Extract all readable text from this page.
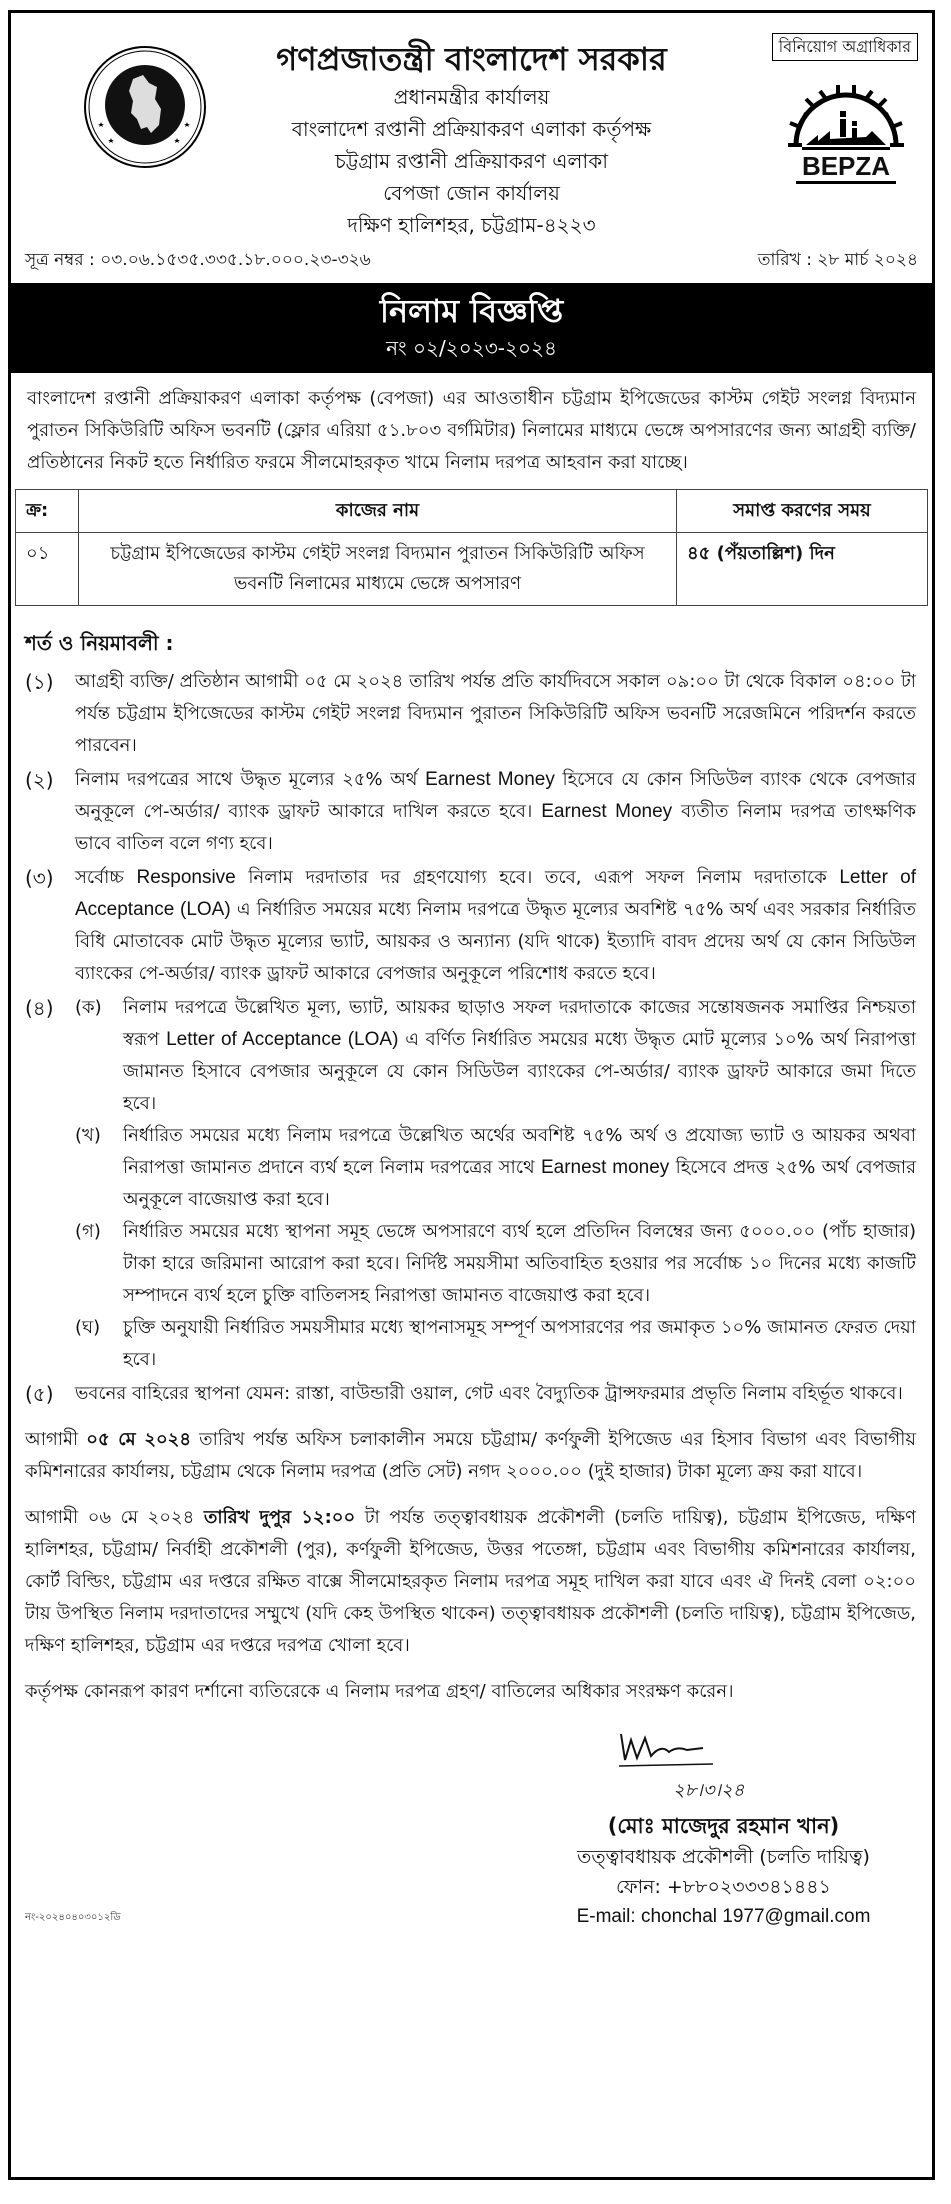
BEPZA
গণপ্রজাতন্ত্রী বাংলাদেশ সরকার
প্রধানমন্ত্রীর কার্যালয়
বাংলাদেশ রপ্তানী প্রক্রিয়াকরণ এলাকা কর্তৃপক্ষ
চট্টগ্রাম রপ্তানী প্রক্রিয়াকরণ এলাকা
বেপজা জোন কার্যালয়
দক্ষিণ হালিশহর, চট্টগ্রাম-৪২২৩
বিনিয়োগ অগ্রাধিকার
সূত্র নম্বর : ০৩.০৬.১৫৩৫.৩৩৫.১৮.০০০.২৩-৩২৬	তারিখ : ২৮ মার্চ ২০২৪
নিলাম বিজ্ঞপ্তি
নং ০২/২০২৩-২০২৪
বাংলাদেশ রপ্তানী প্রক্রিয়াকরণ এলাকা কর্তৃপক্ষ (বেপজা) এর আওতাধীন চট্টগ্রাম ইপিজেডের কাস্টম গেইট সংলগ্ন বিদ্যমান পুরাতন সিকিউরিটি অফিস ভবনটি (ফ্লোর এরিয়া ৫১.৮০৩ বর্গমিটার) নিলামের মাধ্যমে ভেঙ্গে অপসারণের জন্য আগ্রহী ব্যক্তি/ প্রতিষ্ঠানের নিকট হতে নির্ধারিত ফরমে সীলমোহরকৃত খামে নিলাম দরপত্র আহবান করা যাচ্ছে।
ক্র:	কাজের নাম	সমাপ্ত করণের সময়
০১	চট্টগ্রাম ইপিজেডের কাস্টম গেইট সংলগ্ন বিদ্যমান পুরাতন সিকিউরিটি অফিস ভবনটি নিলামের মাধ্যমে ভেঙ্গে অপসারণ	৪৫ (পঁয়তাল্লিশ) দিন
শর্ত ও নিয়মাবলী :
(১)	আগ্রহী ব্যক্তি/ প্রতিষ্ঠান আগামী ০৫ মে ২০২৪ তারিখ পর্যন্ত প্রতি কার্যদিবসে সকাল ০৯:০০ টা থেকে বিকাল ০৪:০০ টা পর্যন্ত চট্টগ্রাম ইপিজেডের কাস্টম গেইট সংলগ্ন বিদ্যমান পুরাতন সিকিউরিটি অফিস ভবনটি সরেজমিনে পরিদর্শন করতে পারবেন।
(২)	নিলাম দরপত্রের সাথে উদ্ধৃত মূল্যের ২৫% অর্থ Earnest Money হিসেবে যে কোন সিডিউল ব্যাংক থেকে বেপজার অনুকূলে পে-অর্ডার/ ব্যাংক ড্রাফট আকারে দাখিল করতে হবে। Earnest Money ব্যতীত নিলাম দরপত্র তাৎক্ষণিক ভাবে বাতিল বলে গণ্য হবে।
(৩)	সর্বোচ্চ Responsive নিলাম দরদাতার দর গ্রহণযোগ্য হবে। তবে, এরূপ সফল নিলাম দরদাতাকে Letter of Acceptance (LOA) এ নির্ধারিত সময়ের মধ্যে নিলাম দরপত্রে উদ্ধৃত মূল্যের অবশিষ্ট ৭৫% অর্থ এবং সরকার নির্ধারিত বিধি মোতাবেক মোট উদ্ধৃত মূল্যের ভ্যাট, আয়কর ও অন্যান্য (যদি থাকে) ইত্যাদি বাবদ প্রদেয় অর্থ যে কোন সিডিউল ব্যাংকের পে-অর্ডার/ ব্যাংক ড্রাফট আকারে বেপজার অনুকূলে পরিশোধ করতে হবে।
(৪)	(ক)	নিলাম দরপত্রে উল্লেখিত মূল্য, ভ্যাট, আয়কর ছাড়াও সফল দরদাতাকে কাজের সন্তোষজনক সমাপ্তির নিশ্চয়তা স্বরূপ Letter of Acceptance (LOA) এ বর্ণিত নির্ধারিত সময়ের মধ্যে উদ্ধৃত মোট মূল্যের ১০% অর্থ নিরাপত্তা জামানত হিসাবে বেপজার অনুকূলে যে কোন সিডিউল ব্যাংকের পে-অর্ডার/ ব্যাংক ড্রাফট আকারে জমা দিতে হবে।
(খ)	নির্ধারিত সময়ের মধ্যে নিলাম দরপত্রে উল্লেখিত অর্থের অবশিষ্ট ৭৫% অর্থ ও প্রযোজ্য ভ্যাট ও আয়কর অথবা নিরাপত্তা জামানত প্রদানে ব্যর্থ হলে নিলাম দরপত্রের সাথে Earnest money হিসেবে প্রদত্ত ২৫% অর্থ বেপজার অনুকূলে বাজেয়াপ্ত করা হবে।
(গ)	নির্ধারিত সময়ের মধ্যে স্থাপনা সমূহ ভেঙ্গে অপসারণে ব্যর্থ হলে প্রতিদিন বিলম্বের জন্য ৫০০০.০০ (পাঁচ হাজার) টাকা হারে জরিমানা আরোপ করা হবে। নির্দিষ্ট সময়সীমা অতিবাহিত হওয়ার পর সর্বোচ্চ ১০ দিনের মধ্যে কাজটি সম্পাদনে ব্যর্থ হলে চুক্তি বাতিলসহ নিরাপত্তা জামানত বাজেয়াপ্ত করা হবে।
(ঘ)	চুক্তি অনুযায়ী নির্ধারিত সময়সীমার মধ্যে স্থাপনাসমূহ সম্পূর্ণ অপসারণের পর জমাকৃত ১০% জামানত ফেরত দেয়া হবে।
(৫)	ভবনের বাহিরের স্থাপনা যেমন: রাস্তা, বাউন্ডারী ওয়াল, গেট এবং বৈদ্যুতিক ট্রান্সফরমার প্রভৃতি নিলাম বহির্ভূত থাকবে।
আগামী ০৫ মে ২০২৪ তারিখ পর্যন্ত অফিস চলাকালীন সময়ে চট্টগ্রাম/ কর্ণফুলী ইপিজেড এর হিসাব বিভাগ এবং বিভাগীয় কমিশনারের কার্যালয়, চট্টগ্রাম থেকে নিলাম দরপত্র (প্রতি সেট) নগদ ২০০০.০০ (দুই হাজার) টাকা মূল্যে ক্রয় করা যাবে।
আগামী ০৬ মে ২০২৪ তারিখ দুপুর ১২:০০ টা পর্যন্ত তত্ত্বাবধায়ক প্রকৌশলী (চলতি দায়িত্ব), চট্টগ্রাম ইপিজেড, দক্ষিণ হালিশহর, চট্টগ্রাম/ নির্বাহী প্রকৌশলী (পুর), কর্ণফুলী ইপিজেড, উত্তর পতেঙ্গা, চট্টগ্রাম এবং বিভাগীয় কমিশনারের কার্যালয়, কোর্ট বিল্ডিং, চট্টগ্রাম এর দপ্তরে রক্ষিত বাক্সে সীলমোহরকৃত নিলাম দরপত্র সমূহ দাখিল করা যাবে এবং ঐ দিনই বেলা ০২:০০ টায় উপস্থিত নিলাম দরদাতাদের সম্মুখে (যদি কেহ উপস্থিত থাকেন) তত্ত্বাবধায়ক প্রকৌশলী (চলতি দায়িত্ব), চট্টগ্রাম ইপিজেড, দক্ষিণ হালিশহর, চট্টগ্রাম এর দপ্তরে দরপত্র খোলা হবে।
কর্তৃপক্ষ কোনরূপ কারণ দর্শানো ব্যতিরেকে এ নিলাম দরপত্র গ্রহণ/ বাতিলের অধিকার সংরক্ষণ করেন।
২৮।৩।২৪
(মোঃ মাজেদুর রহমান খান)
তত্ত্বাবধায়ক প্রকৌশলী (চলতি দায়িত্ব)
ফোন: +৮৮০২৩৩৩৪১৪৪১
নং-২০২৪০৪০৩০১২ডি	E-mail: chonchal 1977@gmail.com
